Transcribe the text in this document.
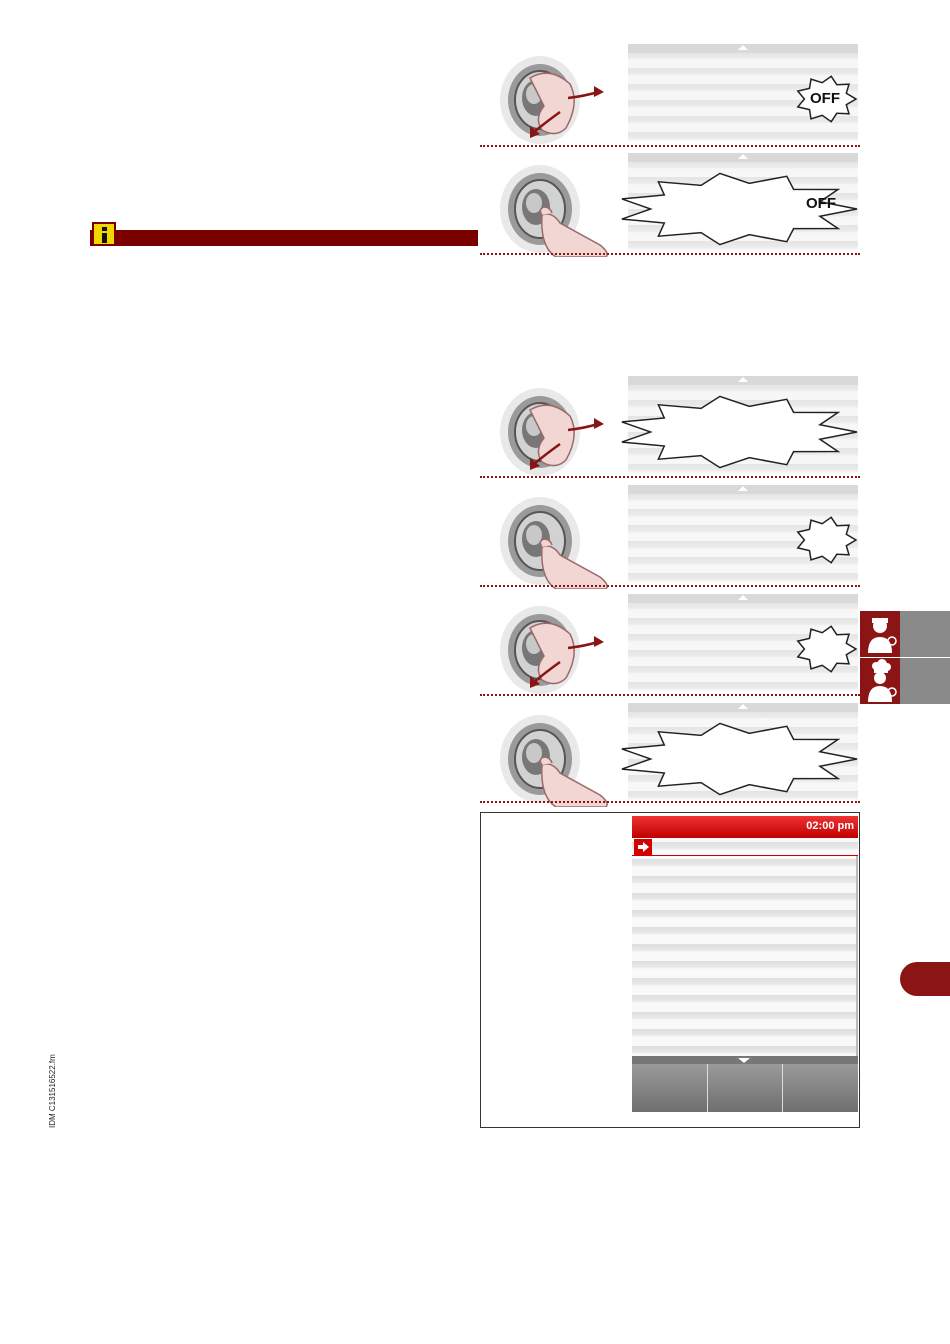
OFF
OFF
02:00 pm
IDM C131516522.fm
